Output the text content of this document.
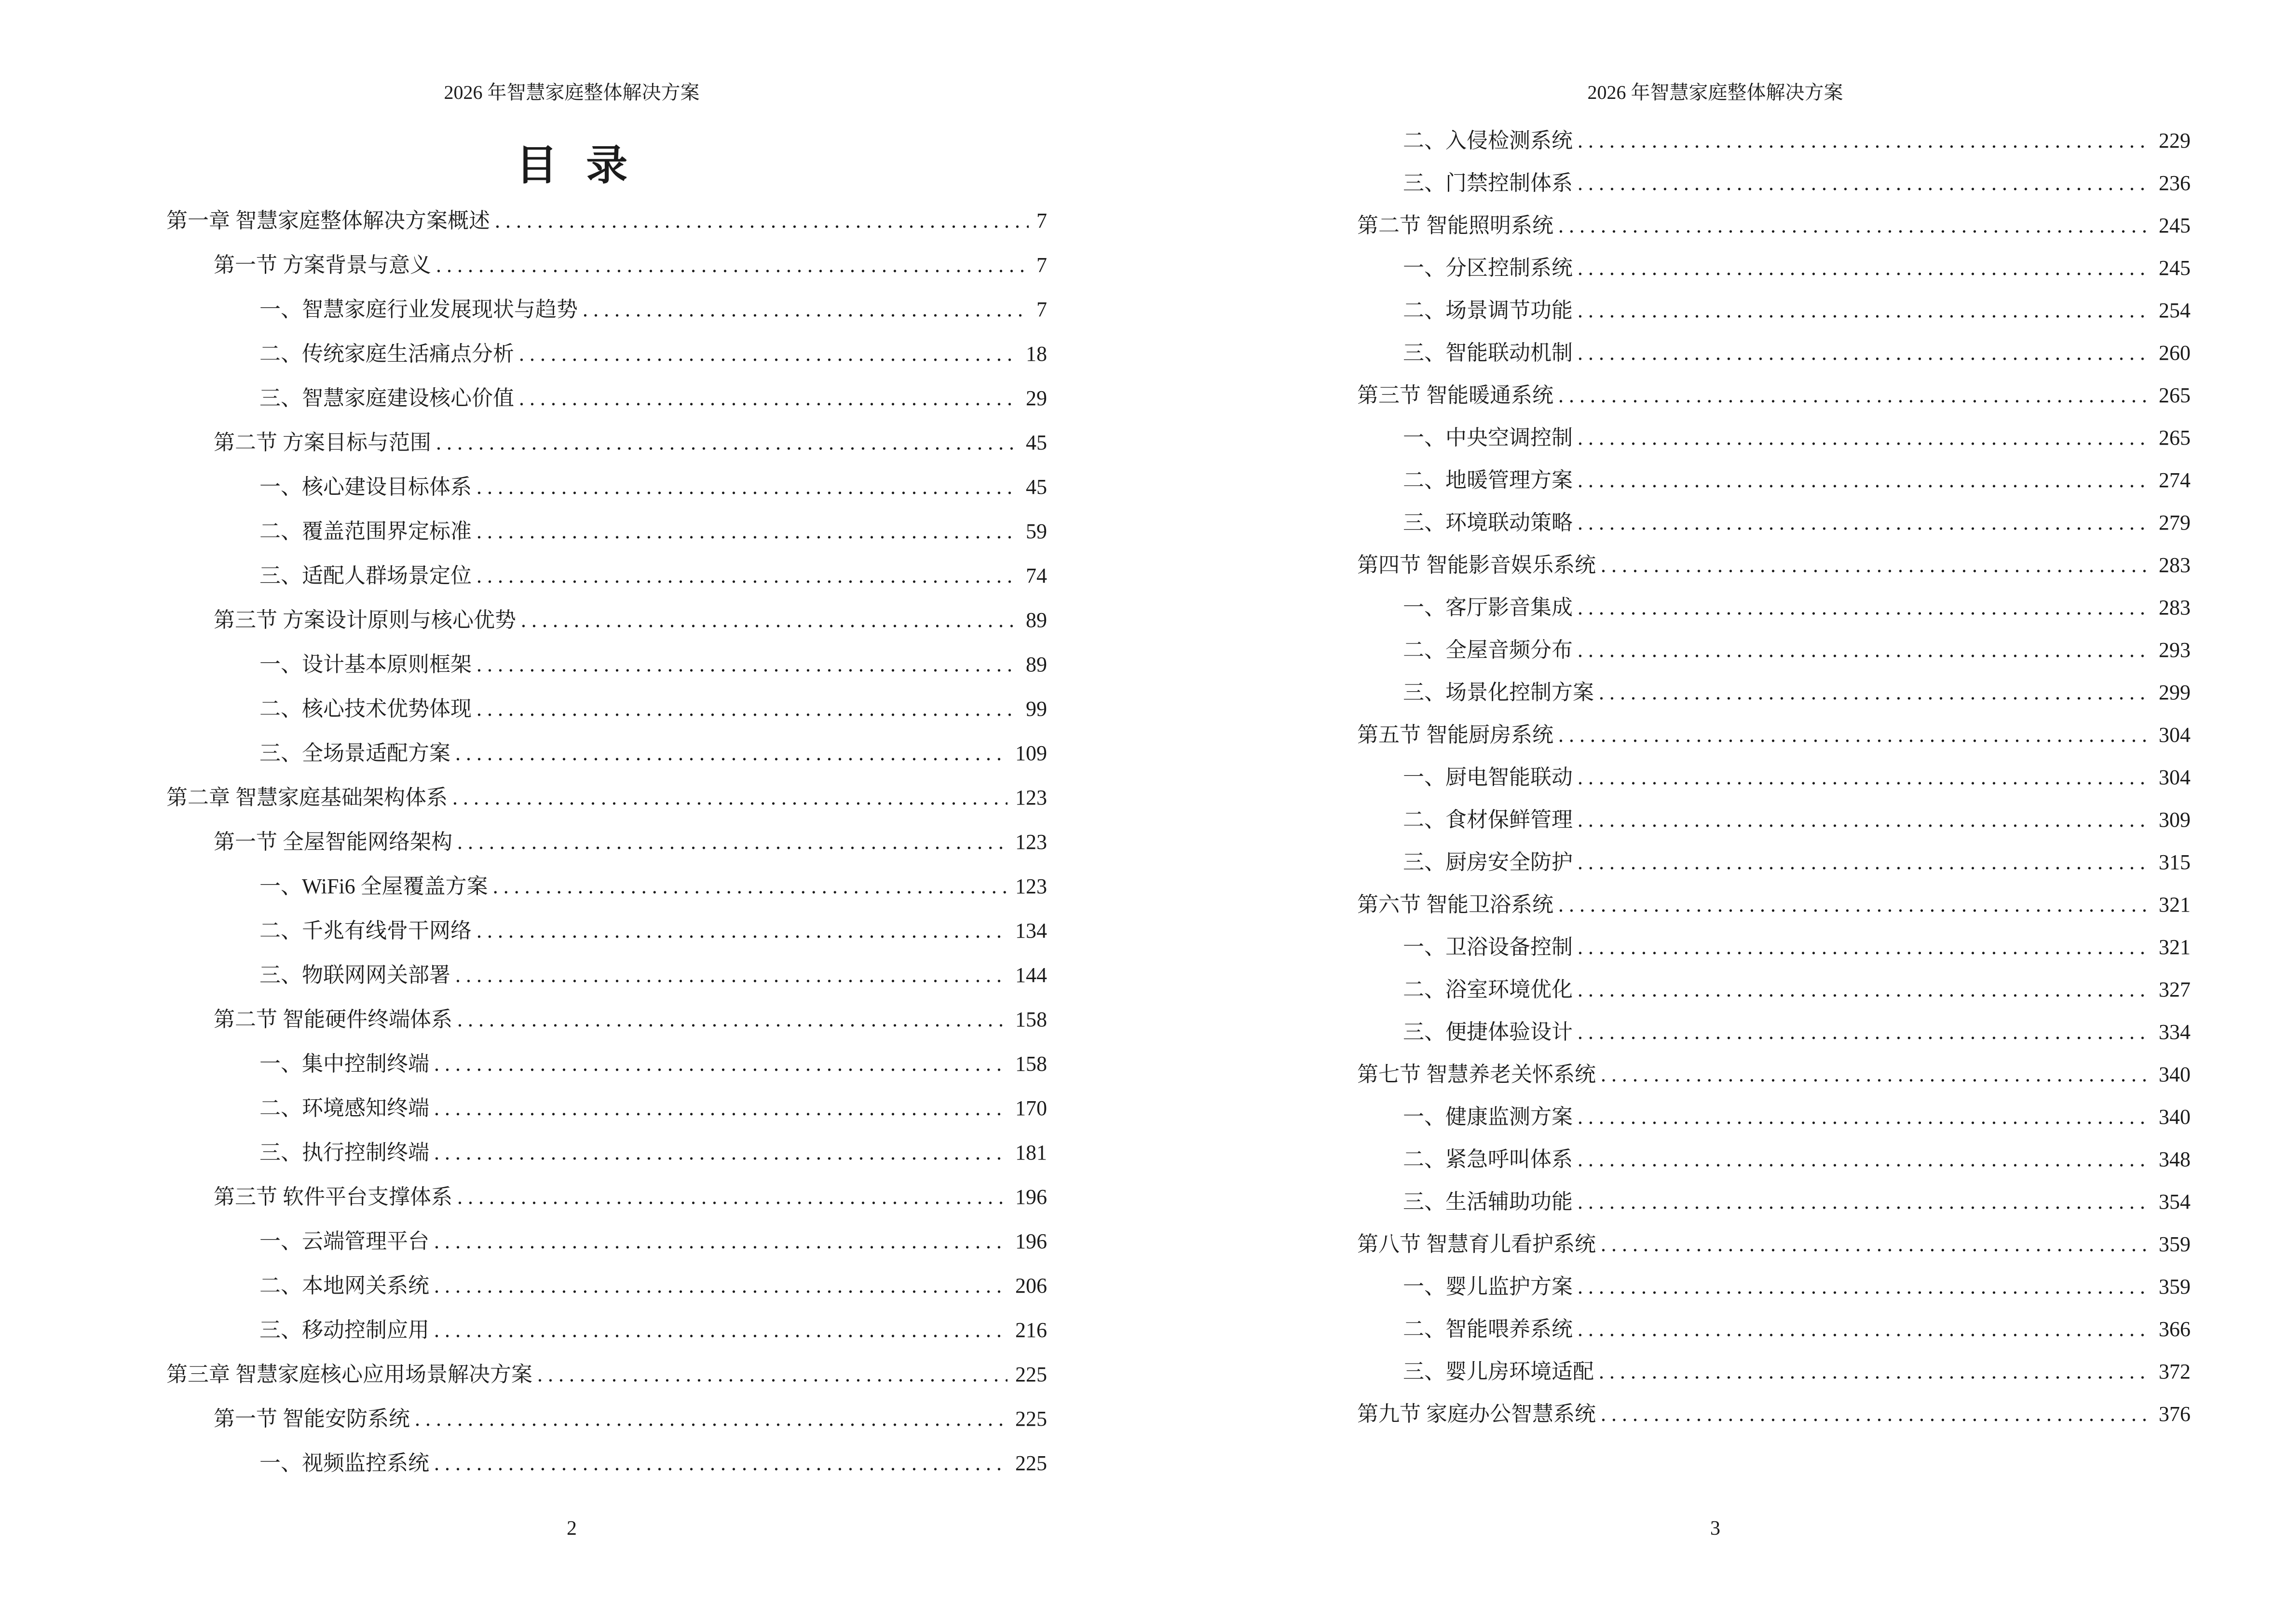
2026 年智慧家庭整体解决方案
目 录
第一章 智慧家庭整体解决方案概述 . . .	7
第一节 方案背景与意义 . . .	7
一、智慧家庭行业发展现状与趋势 . . .	7
二、传统家庭生活痛点分析 . . .	18
三、智慧家庭建设核心价值 . . .	29
第二节 方案目标与范围 . . .	45
一、核心建设目标体系 . . .	45
二、覆盖范围界定标准 . . .	59
三、适配人群场景定位 . . .	74
第三节 方案设计原则与核心优势 . . .	89
一、设计基本原则框架 . . .	89
二、核心技术优势体现 . . .	99
三、全场景适配方案 . . .	109
第二章 智慧家庭基础架构体系 . . .	123
第一节 全屋智能网络架构 . . .	123
一、WiFi6 全屋覆盖方案 . . .	123
二、千兆有线骨干网络 . . .	134
三、物联网网关部署 . . .	144
第二节 智能硬件终端体系 . . .	158
一、集中控制终端 . . .	158
二、环境感知终端 . . .	170
三、执行控制终端 . . .	181
第三节 软件平台支撑体系 . . .	196
一、云端管理平台 . . .	196
二、本地网关系统 . . .	206
三、移动控制应用 . . .	216
第三章 智慧家庭核心应用场景解决方案 . . .	225
第一节 智能安防系统 . . .	225
一、视频监控系统 . . .	225
2
2026 年智慧家庭整体解决方案
二、入侵检测系统 . . .	229
三、门禁控制体系 . . .	236
第二节 智能照明系统 . . .	245
一、分区控制系统 . . .	245
二、场景调节功能 . . .	254
三、智能联动机制 . . .	260
第三节 智能暖通系统 . . .	265
一、中央空调控制 . . .	265
二、地暖管理方案 . . .	274
三、环境联动策略 . . .	279
第四节 智能影音娱乐系统 . . .	283
一、客厅影音集成 . . .	283
二、全屋音频分布 . . .	293
三、场景化控制方案 . . .	299
第五节 智能厨房系统 . . .	304
一、厨电智能联动 . . .	304
二、食材保鲜管理 . . .	309
三、厨房安全防护 . . .	315
第六节 智能卫浴系统 . . .	321
一、卫浴设备控制 . . .	321
二、浴室环境优化 . . .	327
三、便捷体验设计 . . .	334
第七节 智慧养老关怀系统 . . .	340
一、健康监测方案 . . .	340
二、紧急呼叫体系 . . .	348
三、生活辅助功能 . . .	354
第八节 智慧育儿看护系统 . . .	359
一、婴儿监护方案 . . .	359
二、智能喂养系统 . . .	366
三、婴儿房环境适配 . . .	372
第九节 家庭办公智慧系统 . . .	376
3
